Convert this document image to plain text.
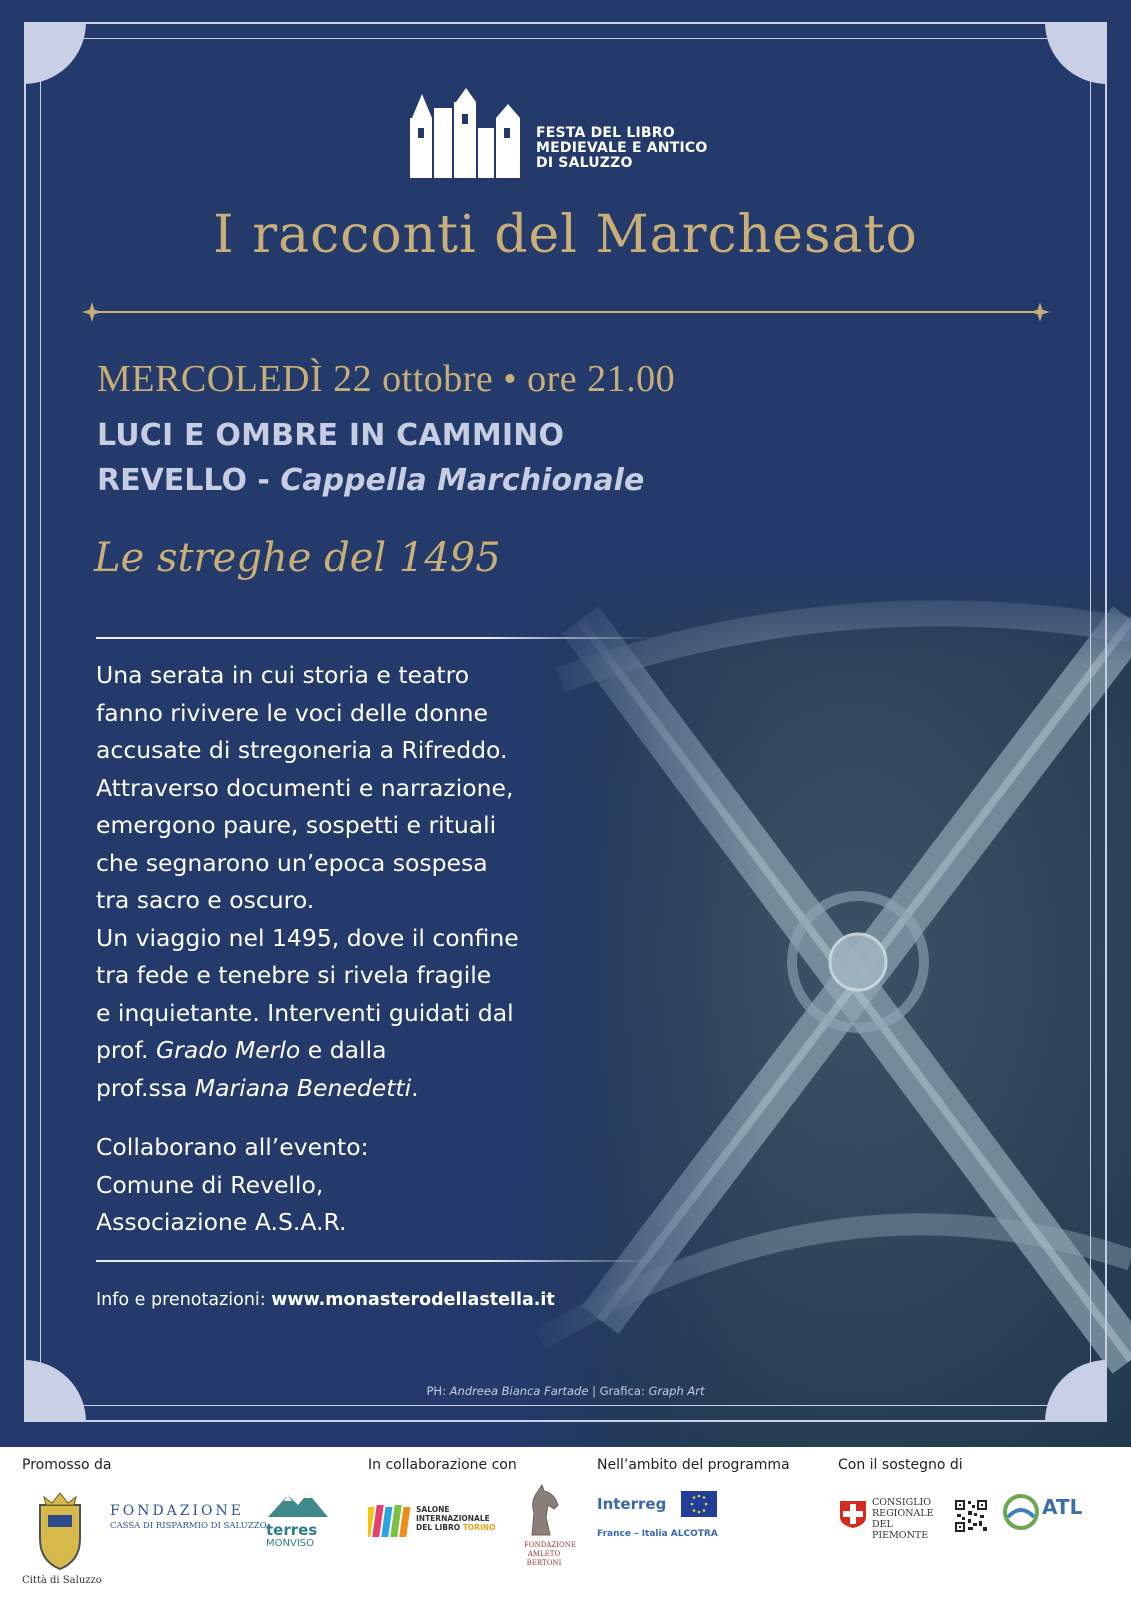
FESTA DEL LIBRO
MEDIEVALE E ANTICO
DI SALUZZO
I racconti del Marchesato
MERCOLEDÌ 22 ottobre • ore 21.00
LUCI E OMBRE IN CAMMINO
REVELLO - Cappella Marchionale
Le streghe del 1495
Una serata in cui storia e teatro
fanno rivivere le voci delle donne
accusate di stregoneria a Rifreddo.
Attraverso documenti e narrazione,
emergono paure, sospetti e rituali
che segnarono un’epoca sospesa
tra sacro e oscuro.
Un viaggio nel 1495, dove il confine
tra fede e tenebre si rivela fragile
e inquietante. Interventi guidati dal
prof. Grado Merlo e dalla
prof.ssa Mariana Benedetti.
Collaborano all’evento:
Comune di Revello,
Associazione A.S.A.R.
Info e prenotazioni: www.monasterodellastella.it
PH: Andreea Bianca Fartade | Grafica: Graph Art
Promosso da	In collaborazione con	Nell’ambito del programma	Con il sostegno di
Città di Saluzzo
FONDAZIONE
CASSA DI RISPARMIO DI SALUZZO terres
MONVISO
SALONE
INTERNAZIONALE
DEL LIBRO TORINO
FONDAZIONE AMLETO BERTONI
Interreg
France – Italia ALCOTRA
CONSIGLIO
REGIONALE
DEL PIEMONTE
ATL
